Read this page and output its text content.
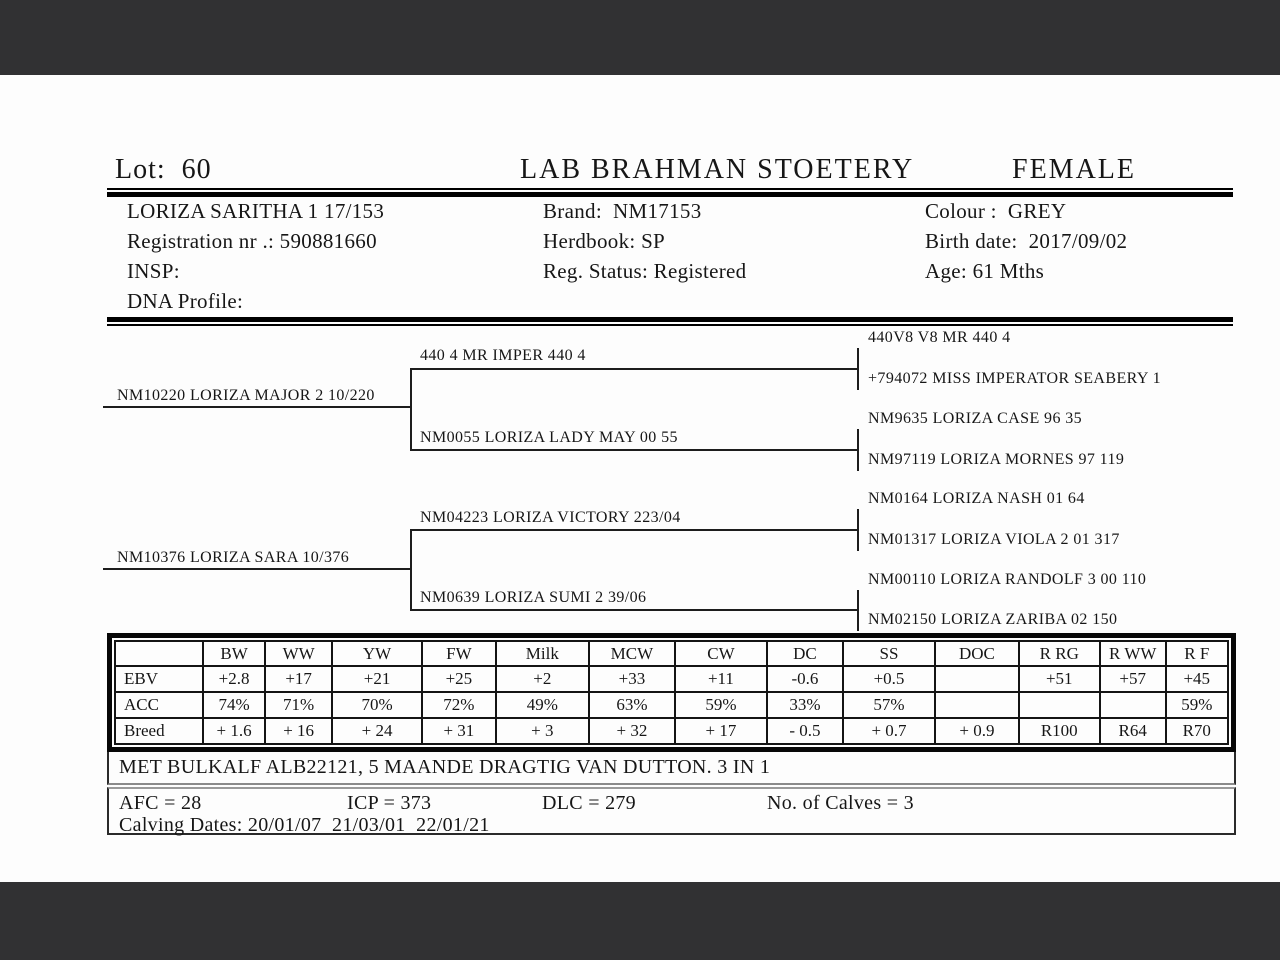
Lot:  60	LAB BRAHMAN STOETERY	FEMALE
LORIZA SARITHA 1 17/153
Registration nr .: 590881660
INSP:
DNA Profile:
Brand:  NM17153
Herdbook: SP
Reg. Status: Registered
Colour :  GREY
Birth date:  2017/09/02
Age: 61 Mths
NM10220 LORIZA MAJOR 2 10/220
NM10376 LORIZA SARA 10/376
440 4 MR IMPER 440 4
NM0055 LORIZA LADY MAY 00 55
NM04223 LORIZA VICTORY 223/04
NM0639 LORIZA SUMI 2 39/06
440V8 V8 MR 440 4
+794072 MISS IMPERATOR SEABERY 1
NM9635 LORIZA CASE 96 35
NM97119 LORIZA MORNES 97 119
NM0164 LORIZA NASH 01 64
NM01317 LORIZA VIOLA 2 01 317
NM00110 LORIZA RANDOLF 3 00 110
NM02150 LORIZA ZARIBA 02 150
	BW	WW	YW	FW	Milk	MCW	CW	DC	SS	DOC	R RG	R WW	R F
EBV	+2.8	+17	+21	+25	+2	+33	+11	-0.6	+0.5		+51	+57	+45
ACC	74%	71%	70%	72%	49%	63%	59%	33%	57%				59%
Breed	+ 1.6	+ 16	+ 24	+ 31	+ 3	+ 32	+ 17	- 0.5	+ 0.7	+ 0.9	R100	R64	R70
MET BULKALF ALB22121, 5 MAANDE DRAGTIG VAN DUTTON. 3 IN 1
AFC = 28	ICP = 373	DLC = 279	No. of Calves = 3
Calving Dates: 20/01/07  21/03/01  22/01/21
